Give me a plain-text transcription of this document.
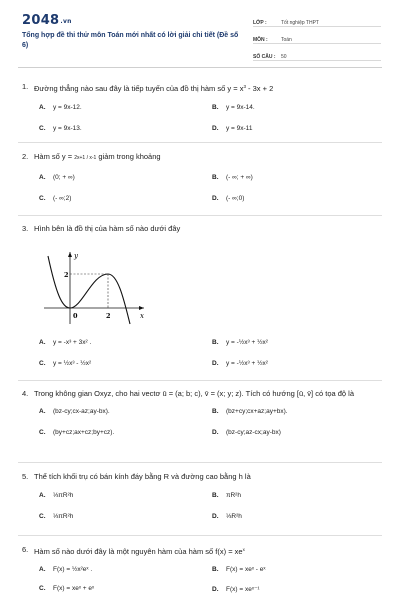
2048.vn
Tổng hợp đề thi thử môn Toán mới nhất có lời giải chi tiết (Đề số 6)
LỚP :	Tốt nghiệp THPT
MÔN :	Toán
SỐ CÂU :	50
1. Đường thẳng nào sau đây là tiếp tuyến của đồ thị hàm số $y = x^3 - 3x + 2$
A.	y = 9x-12.	B.	y = 9x-14.
C.	y = 9x-13.	D.	y = 9x-11
2. Hàm số y = 2x+1 / x-1 giảm trong khoảng
A.	(0; + ∞)	B.	(- ∞; + ∞)
C.	(- ∞;2)	D.	(- ∞;0)
3. Hình bên là đồ thị của hàm số nào dưới đây
y
x
0
2
2
A.	y = -x³ + 3x² .	B.	y = -½x³ + ½x²
C.	y = ½x³ - ½x²	D.	y = -½x³ + ½x²
4. Trong không gian Oxyz, cho hai vectơ ū = (a; b; c), v̄ = (x; y; z). Tích có hướng [ū, v̄] có tọa độ là
A.	(bz-cy;cx-az;ay-bx).	B.	(bz+cy;cx+az;ay+bx).
C.	(by+cz;ax+cz;by+cz).	D.	(bz-cy;az-cx;ay-bx)
5. Thể tích khối trụ có bán kính đáy bằng R và đường cao bằng h là
A.	⅓πR²h	B.	πR²h
C.	⅓πR²h	D.	⅓R²h
6. Hàm số nào dưới đây là một nguyên hàm của hàm số $f(x) = xe^x$
A.	F(x) = ½x²eˣ .	B.	F(x) = xeˣ - eˣ
C.	F(x) = xeˣ + eˣ	D.	F(x) = xeˣ⁻¹
